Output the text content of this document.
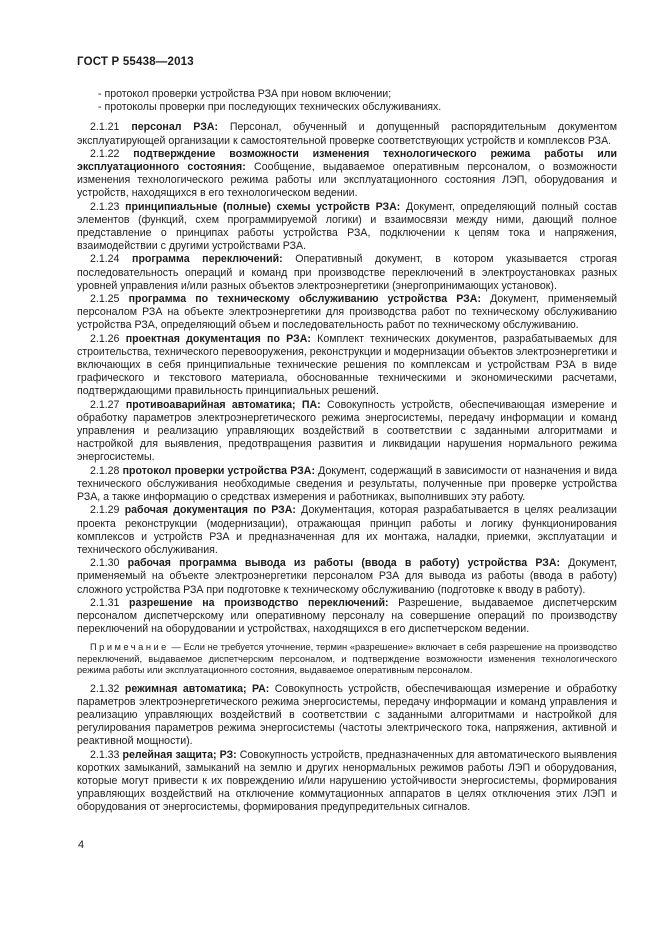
ГОСТ Р 55438—2013
- протокол проверки устройства РЗА при новом включении;
- протоколы проверки при последующих технических обслуживаниях.

2.1.21 персонал РЗА: Персонал, обученный и допущенный распорядительным документом эксплуатирующей организации к самостоятельной проверке соответствующих устройств и комплексов РЗА.

2.1.22 подтверждение возможности изменения технологического режима работы или эксплуатационного состояния: Сообщение, выдаваемое оперативным персоналом, о возможности изменения технологического режима работы или эксплуатационного состояния ЛЭП, оборудования и устройств, находящихся в его технологическом ведении.

2.1.23 принципиальные (полные) схемы устройств РЗА: Документ, определяющий полный состав элементов (функций, схем программируемой логики) и взаимосвязи между ними, дающий полное представление о принципах работы устройства РЗА, подключении к цепям тока и напряжения, взаимодействии с другими устройствами РЗА.

2.1.24 программа переключений: Оперативный документ, в котором указывается строгая последовательность операций и команд при производстве переключений в электроустановках разных уровней управления и/или разных объектов электроэнергетики (энергопринимающих установок).

2.1.25 программа по техническому обслуживанию устройства РЗА: Документ, применяемый персоналом РЗА на объекте электроэнергетики для производства работ по техническому обслуживанию устройства РЗА, определяющий объем и последовательность работ по техническому обслуживанию.

2.1.26 проектная документация по РЗА: Комплект технических документов, разрабатываемых для строительства, технического перевооружения, реконструкции и модернизации объектов электроэнергетики и включающих в себя принципиальные технические решения по комплексам и устройствам РЗА в виде графического и текстового материала, обоснованные техническими и экономическими расчетами, подтверждающими правильность принципиальных решений.

2.1.27 противоаварийная автоматика; ПА: Совокупность устройств, обеспечивающая измерение и обработку параметров электроэнергетического режима энергосистемы, передачу информации и команд управления и реализацию управляющих воздействий в соответствии с заданными алгоритмами и настройкой для выявления, предотвращения развития и ликвидации нарушения нормального режима энергосистемы.

2.1.28 протокол проверки устройства РЗА: Документ, содержащий в зависимости от назначения и вида технического обслуживания необходимые сведения и результаты, полученные при проверке устройства РЗА, а также информацию о средствах измерения и работниках, выполнивших эту работу.

2.1.29 рабочая документация по РЗА: Документация, которая разрабатывается в целях реализации проекта реконструкции (модернизации), отражающая принцип работы и логику функционирования комплексов и устройств РЗА и предназначенная для их монтажа, наладки, приемки, эксплуатации и технического обслуживания.

2.1.30 рабочая программа вывода из работы (ввода в работу) устройства РЗА: Документ, применяемый на объекте электроэнергетики персоналом РЗА для вывода из работы (ввода в работу) сложного устройства РЗА при подготовке к техническому обслуживанию (подготовке к вводу в работу).

2.1.31 разрешение на производство переключений: Разрешение, выдаваемое диспетчерским персоналом диспетчерскому или оперативному персоналу на совершение операций по производству переключений на оборудовании и устройствах, находящихся в его диспетчерском ведении.

Примечание — Если не требуется уточнение, термин «разрешение» включает в себя разрешение на производство переключений, выдаваемое диспетчерским персоналом, и подтверждение возможности изменения технологического режима работы или эксплуатационного состояния, выдаваемое оперативным персоналом.

2.1.32 режимная автоматика; РА: Совокупность устройств, обеспечивающая измерение и обработку параметров электроэнергетического режима энергосистемы, передачу информации и команд управления и реализацию управляющих воздействий в соответствии с заданными алгоритмами и настройкой для регулирования параметров режима энергосистемы (частоты электрического тока, напряжения, активной и реактивной мощности).

2.1.33 релейная защита; РЗ: Совокупность устройств, предназначенных для автоматического выявления коротких замыканий, замыканий на землю и других ненормальных режимов работы ЛЭП и оборудования, которые могут привести к их повреждению и/или нарушению устойчивости энергосистемы, формирования управляющих воздействий на отключение коммутационных аппаратов в целях отключения этих ЛЭП и оборудования от энергосистемы, формирования предупредительных сигналов.

4
